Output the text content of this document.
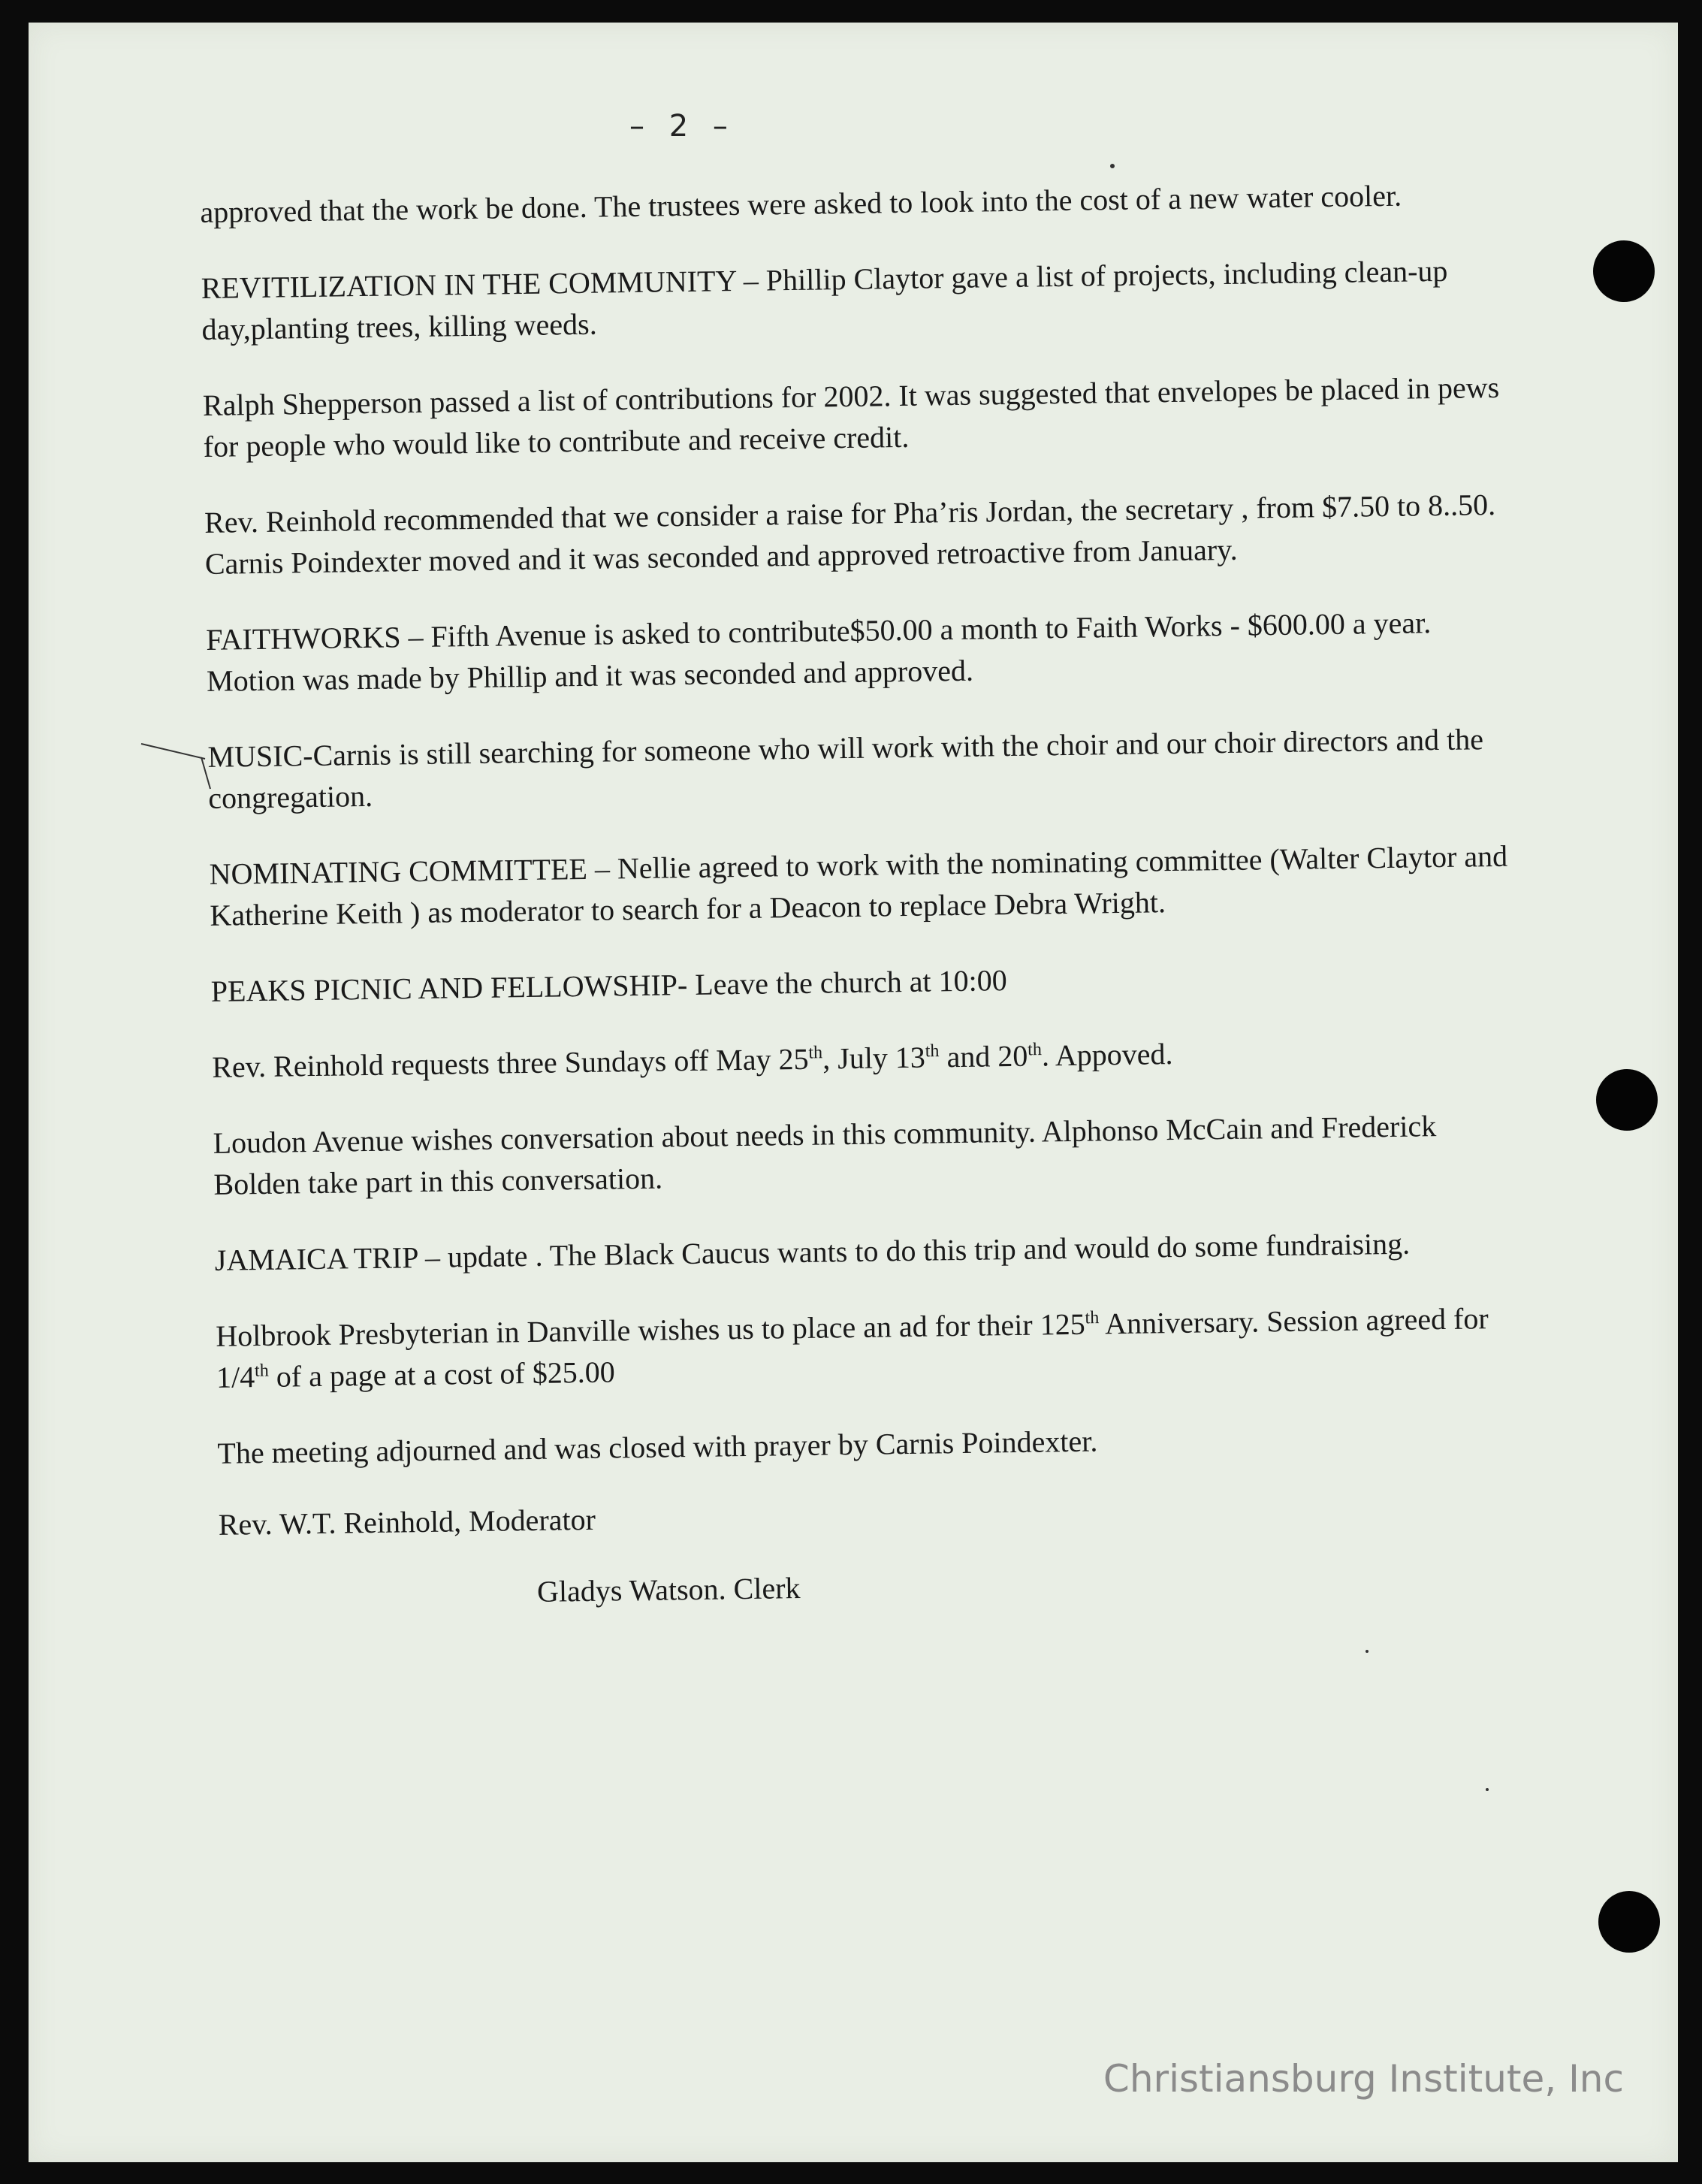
– 2 –

approved that the work be done. The trustees were asked to look into the cost of a new water cooler.

REVITILIZATION IN THE COMMUNITY – Phillip Claytor gave a list of projects, including clean-up day,planting trees, killing weeds.

Ralph Shepperson passed a list of contributions for 2002. It was suggested that envelopes be placed in pews for people who would like to contribute and receive credit.

Rev. Reinhold recommended that we consider a raise for Pha’ris Jordan, the secretary , from $7.50 to 8..50. Carnis Poindexter moved and it was seconded and approved retroactive from January.

FAITHWORKS – Fifth Avenue is asked to contribute$50.00 a month to Faith Works - $600.00 a year. Motion was made by Phillip and it was seconded and approved.

MUSIC-Carnis is still searching for someone who will work with the choir and our choir directors and the congregation.

NOMINATING COMMITTEE – Nellie agreed to work with the nominating committee (Walter Claytor and Katherine Keith ) as moderator to search for a Deacon to replace Debra Wright.

PEAKS PICNIC AND FELLOWSHIP- Leave the church at 10:00

Rev. Reinhold requests three Sundays off May 25th, July 13th and 20th. Appoved.

Loudon Avenue wishes conversation about needs in this community. Alphonso McCain and Frederick Bolden take part in this conversation.

JAMAICA TRIP – update . The Black Caucus wants to do this trip and would do some fundraising.

Holbrook Presbyterian in Danville wishes us to place an ad for their 125th Anniversary. Session agreed for 1/4th of a page at a cost of $25.00

The meeting adjourned and was closed with prayer by Carnis Poindexter.

Rev. W.T. Reinhold, Moderator

Gladys Watson. Clerk

Christiansburg Institute, Inc
